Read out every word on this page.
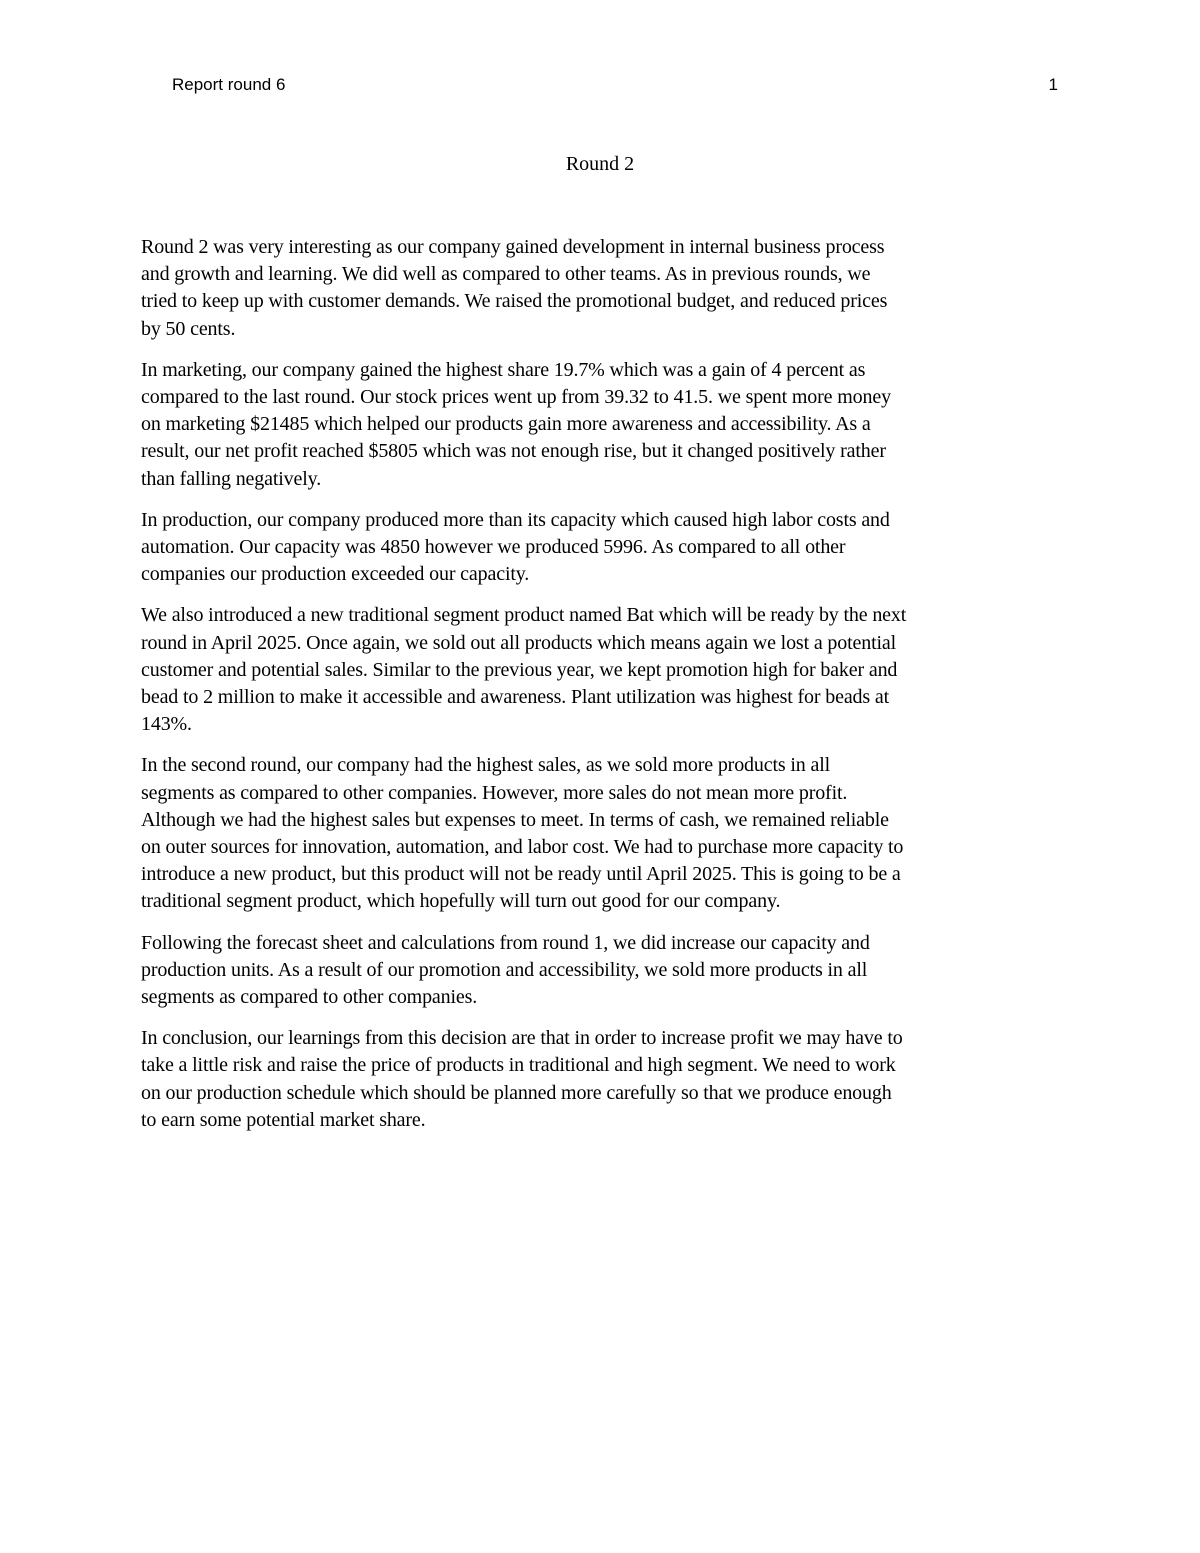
Report round 6	1
Round 2

Round 2 was very interesting as our company gained development in internal business process
and growth and learning. We did well as compared to other teams. As in previous rounds, we
tried to keep up with customer demands. We raised the promotional budget, and reduced prices
by 50 cents.

In marketing, our company gained the highest share 19.7% which was a gain of 4 percent as
compared to the last round. Our stock prices went up from 39.32 to 41.5. we spent more money
on marketing $21485 which helped our products gain more awareness and accessibility. As a
result, our net profit reached $5805 which was not enough rise, but it changed positively rather
than falling negatively.

In production, our company produced more than its capacity which caused high labor costs and
automation. Our capacity was 4850 however we produced 5996. As compared to all other
companies our production exceeded our capacity.

We also introduced a new traditional segment product named Bat which will be ready by the next
round in April 2025. Once again, we sold out all products which means again we lost a potential
customer and potential sales. Similar to the previous year, we kept promotion high for baker and
bead to 2 million to make it accessible and awareness. Plant utilization was highest for beads at
143%.

In the second round, our company had the highest sales, as we sold more products in all
segments as compared to other companies. However, more sales do not mean more profit.
Although we had the highest sales but expenses to meet. In terms of cash, we remained reliable
on outer sources for innovation, automation, and labor cost. We had to purchase more capacity to
introduce a new product, but this product will not be ready until April 2025. This is going to be a
traditional segment product, which hopefully will turn out good for our company.

Following the forecast sheet and calculations from round 1, we did increase our capacity and
production units. As a result of our promotion and accessibility, we sold more products in all
segments as compared to other companies.

In conclusion, our learnings from this decision are that in order to increase profit we may have to
take a little risk and raise the price of products in traditional and high segment. We need to work
on our production schedule which should be planned more carefully so that we produce enough
to earn some potential market share.
